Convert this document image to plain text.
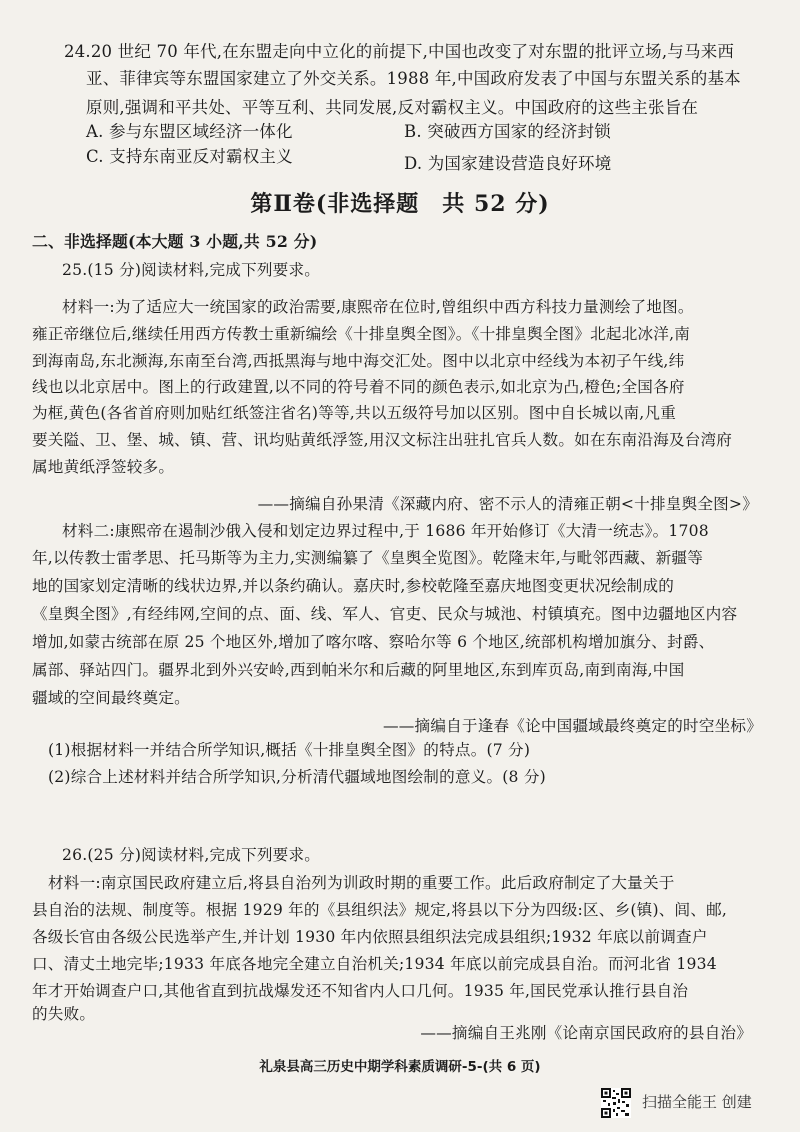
24.20 世纪 70 年代,在东盟走向中立化的前提下,中国也改变了对东盟的批评立场,与马来西
亚、菲律宾等东盟国家建立了外交关系。1988 年,中国政府发表了中国与东盟关系的基本
原则,强调和平共处、平等互利、共同发展,反对霸权主义。中国政府的这些主张旨在
A. 参与东盟区域经济一体化	B. 突破西方国家的经济封锁
C. 支持东南亚反对霸权主义	D. 为国家建设营造良好环境
第Ⅱ卷(非选择题　共 52 分)
二、非选择题(本大题 3 小题,共 52 分)
25.(15 分)阅读材料,完成下列要求。
材料一:为了适应大一统国家的政治需要,康熙帝在位时,曾组织中西方科技力量测绘了地图。
雍正帝继位后,继续任用西方传教士重新编绘《十排皇舆全图》。《十排皇舆全图》北起北冰洋,南
到海南岛,东北濒海,东南至台湾,西抵黑海与地中海交汇处。图中以北京中经线为本初子午线,纬
线也以北京居中。图上的行政建置,以不同的符号着不同的颜色表示,如北京为凸,橙色;全国各府
为框,黄色(各省首府则加贴红纸签注省名)等等,共以五级符号加以区别。图中自长城以南,凡重
要关隘、卫、堡、城、镇、营、讯均贴黄纸浮签,用汉文标注出驻扎官兵人数。如在东南沿海及台湾府
属地黄纸浮签较多。
——摘编自孙果清《深藏内府、密不示人的清雍正朝<十排皇舆全图>》
材料二:康熙帝在遏制沙俄入侵和划定边界过程中,于 1686 年开始修订《大清一统志》。1708
年,以传教士雷孝思、托马斯等为主力,实测编纂了《皇舆全览图》。乾隆末年,与毗邻西藏、新疆等
地的国家划定清晰的线状边界,并以条约确认。嘉庆时,参校乾隆至嘉庆地图变更状况绘制成的
《皇舆全图》,有经纬网,空间的点、面、线、军人、官吏、民众与城池、村镇填充。图中边疆地区内容
增加,如蒙古统部在原 25 个地区外,增加了喀尔喀、察哈尔等 6 个地区,统部机构增加旗分、封爵、
属部、驿站四门。疆界北到外兴安岭,西到帕米尔和后藏的阿里地区,东到库页岛,南到南海,中国
疆域的空间最终奠定。
——摘编自于逢春《论中国疆域最终奠定的时空坐标》
(1)根据材料一并结合所学知识,概括《十排皇舆全图》的特点。(7 分)
(2)综合上述材料并结合所学知识,分析清代疆域地图绘制的意义。(8 分)
26.(25 分)阅读材料,完成下列要求。
材料一:南京国民政府建立后,将县自治列为训政时期的重要工作。此后政府制定了大量关于
县自治的法规、制度等。根据 1929 年的《县组织法》规定,将县以下分为四级:区、乡(镇)、闾、邮,
各级长官由各级公民选举产生,并计划 1930 年内依照县组织法完成县组织;1932 年底以前调查户
口、清丈土地完毕;1933 年底各地完全建立自治机关;1934 年底以前完成县自治。而河北省 1934
年才开始调查户口,其他省直到抗战爆发还不知省内人口几何。1935 年,国民党承认推行县自治
的失败。
——摘编自王兆刚《论南京国民政府的县自治》
礼泉县高三历史中期学科素质调研-5-(共 6 页)
扫描全能王 创建
